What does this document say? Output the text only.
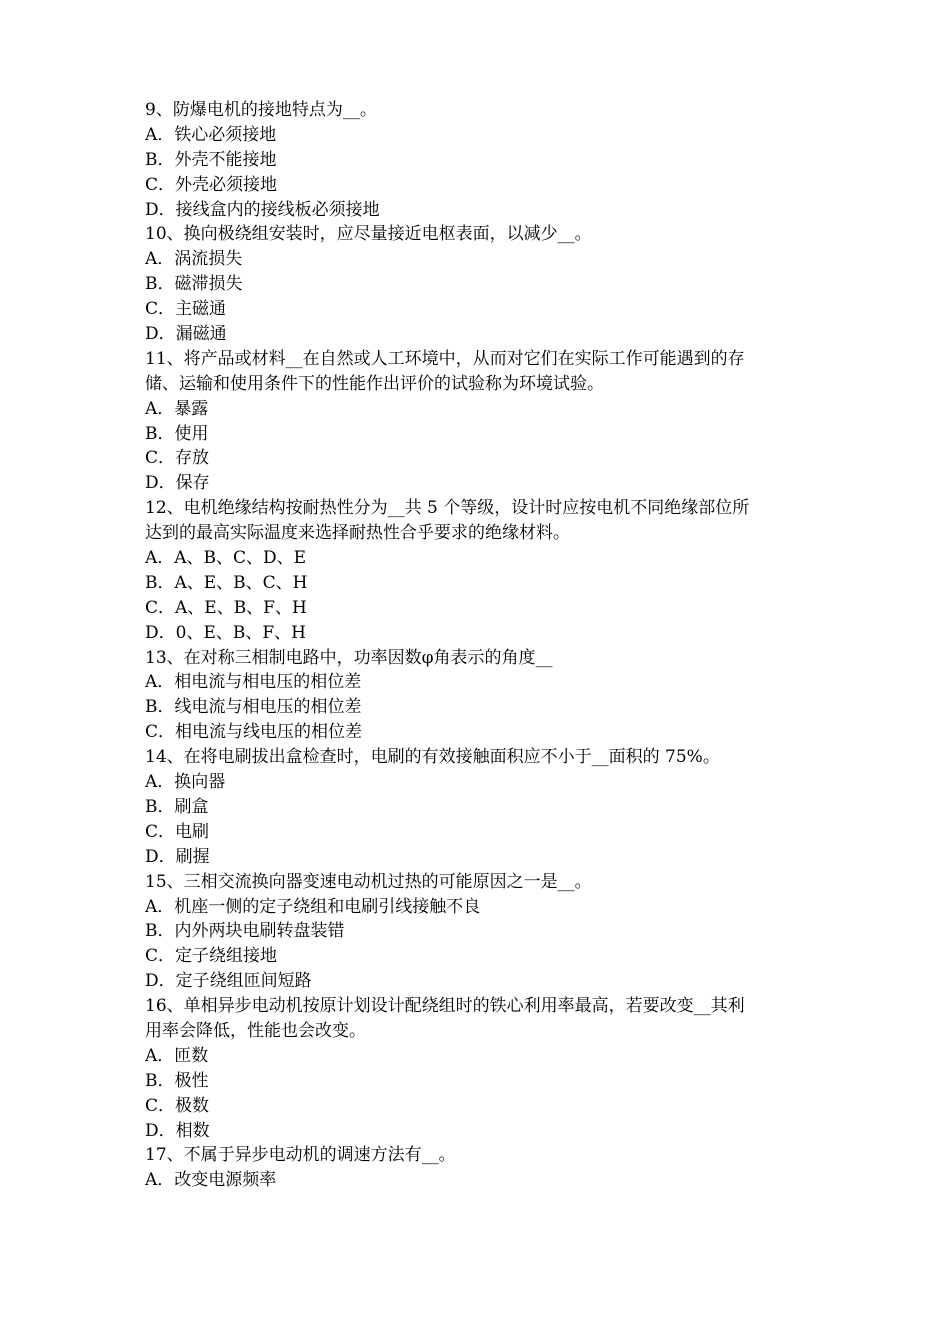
9、防爆电机的接地特点为__。
A．铁心必须接地
B．外壳不能接地
C．外壳必须接地
D．接线盒内的接线板必须接地
10、换向极绕组安装时，应尽量接近电枢表面，以减少__。
A．涡流损失
B．磁滞损失
C．主磁通
D．漏磁通
11、将产品或材料__在自然或人工环境中，从而对它们在实际工作可能遇到的存
储、运输和使用条件下的性能作出评价的试验称为环境试验。
A．暴露
B．使用
C．存放
D．保存
12、电机绝缘结构按耐热性分为__共 5 个等级，设计时应按电机不同绝缘部位所
达到的最高实际温度来选择耐热性合乎要求的绝缘材料。
A．A、B、C、D、E
B．A、E、B、C、H
C．A、E、B、F、H
D．0、E、B、F、H
13、在对称三相制电路中，功率因数φ角表示的角度__
A．相电流与相电压的相位差
B．线电流与相电压的相位差
C．相电流与线电压的相位差
14、在将电刷拔出盒检查时，电刷的有效接触面积应不小于__面积的 75%。
A．换向器
B．刷盒
C．电刷
D．刷握
15、三相交流换向器变速电动机过热的可能原因之一是__。
A．机座一侧的定子绕组和电刷引线接触不良
B．内外两块电刷转盘装错
C．定子绕组接地
D．定子绕组匝间短路
16、单相异步电动机按原计划设计配绕组时的铁心利用率最高，若要改变__其利
用率会降低，性能也会改变。
A．匝数
B．极性
C．极数
D．相数
17、不属于异步电动机的调速方法有__。
A．改变电源频率
